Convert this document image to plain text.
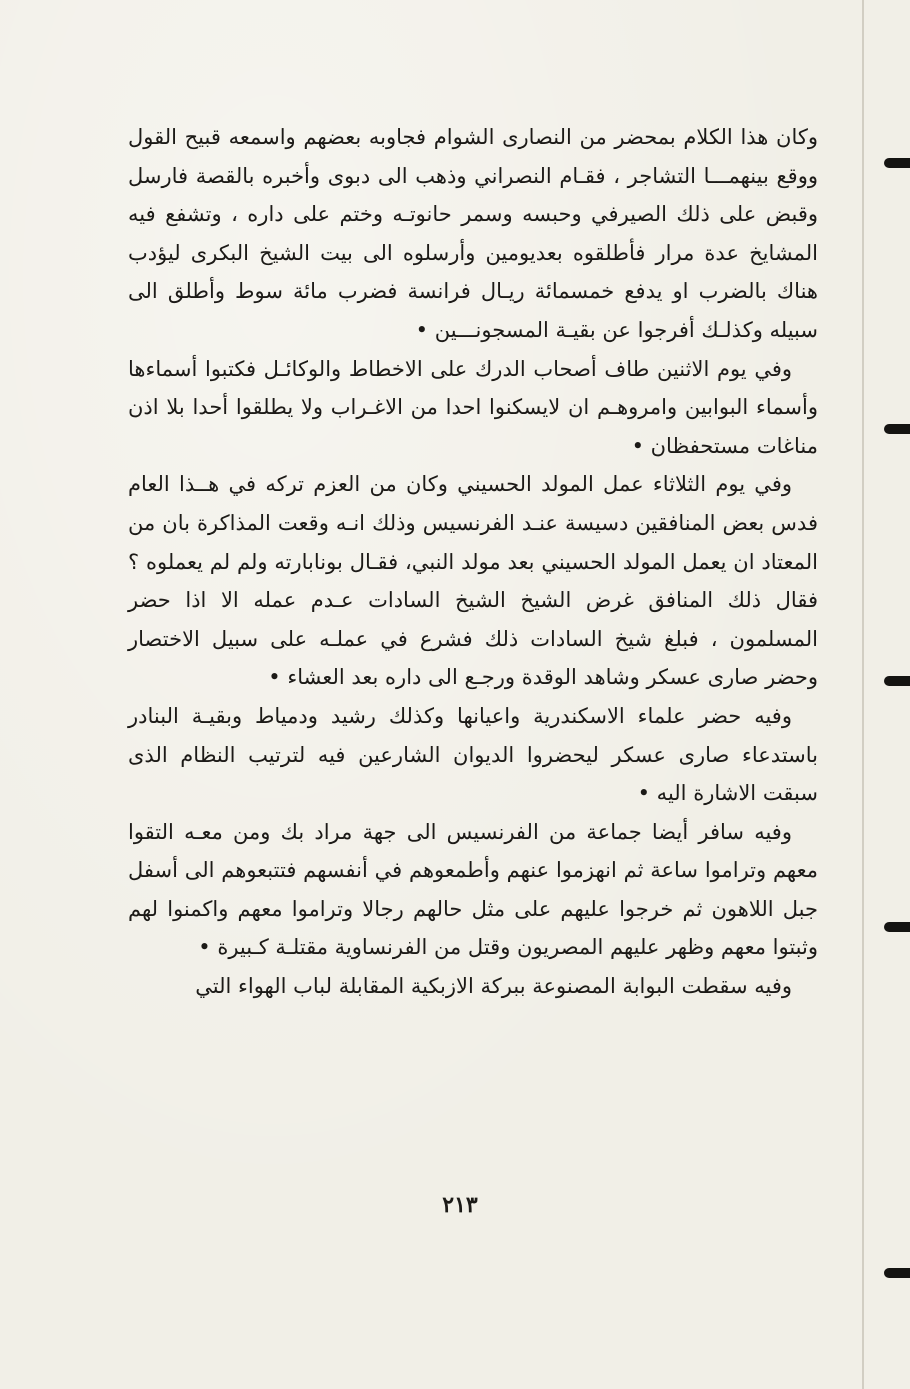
وكان هذا الكلام بمحضر من النصارى الشوام فجاوبه بعضهم واسمعه قبيح القول ووقع بينهمـــا التشاجر ، فقـام النصراني وذهب الى دبوى وأخبره بالقصة فارسل وقبض على ذلك الصيرفي وحبسه وسمر حانوتـه وختم على داره ، وتشفع فيه المشايخ عدة مرار فأطلقوه بعديومين وأرسلوه الى بيت الشيخ البكرى ليؤدب هناك بالضرب او يدفع خمسمائة ريـال فرانسة فضرب مائة سوط وأطلق الى سبيله وكذلـك أفرجوا عن بقيـة المسجونـــين •

وفي يوم الاثنين طاف أصحاب الدرك على الاخطاط والوكائـل فكتبوا أسماءها وأسماء البوابين وامروهـم ان لايسكنوا احدا من الاغـراب ولا يطلقوا أحدا بلا اذن مناغات مستحفظان •

وفي يوم الثلاثاء عمل المولد الحسيني وكان من العزم تركه في هــذا العام فدس بعض المنافقين دسيسة عنـد الفرنسيس وذلك انـه وقعت المذاكرة بان من المعتاد ان يعمل المولد الحسيني بعد مولد النبي، فقـال بونابارته ولم لم يعملوه ؟ فقال ذلك المنافق غرض الشيخ الشيخ السادات عـدم عمله الا اذا حضر المسلمون ، فبلغ شيخ السادات ذلك فشرع في عملـه على سبيل الاختصار وحضر صارى عسكر وشاهد الوقدة ورجـع الى داره بعد العشاء •

وفيه حضر علماء الاسكندرية واعيانها وكذلك رشيد ودمياط وبقيـة البنادر باستدعاء صارى عسكر ليحضروا الديوان الشارعين فيه لترتيب النظام الذى سبقت الاشارة اليه •

وفيه سافر أيضا جماعة من الفرنسيس الى جهة مراد بك ومن معـه التقوا معهم وتراموا ساعة ثم انهزموا عنهم وأطمعوهم في أنفسهم فتتبعوهم الى أسفل جبل اللاهون ثم خرجوا عليهم على مثل حالهم رجالا وتراموا معهم واكمنوا لهم وثبتوا معهم وظهر عليهم المصريون وقتل من الفرنساوية مقتلـة كـبيرة •

وفيه سقطت البوابة المصنوعة ببركة الازبكية المقابلة لباب الهواء التي

٢١٣
